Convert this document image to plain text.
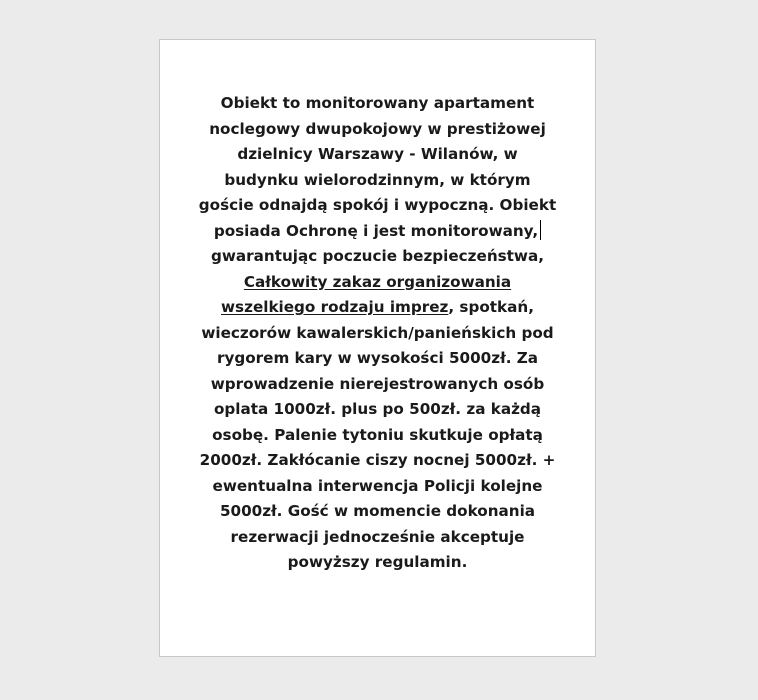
Obiekt to monitorowany apartament
noclegowy dwupokojowy w prestiżowej
dzielnicy Warszawy - Wilanów, w
budynku wielorodzinnym, w którym
goście odnajdą spokój i wypoczną. Obiekt
posiada Ochronę i jest monitorowany,
gwarantując poczucie bezpieczeństwa,
Całkowity zakaz organizowania
wszelkiego rodzaju imprez, spotkań,
wieczorów kawalerskich/panieńskich pod
rygorem kary w wysokości 5000zł. Za
wprowadzenie nierejestrowanych osób
oplata 1000zł. plus po 500zł. za każdą
osobę. Palenie tytoniu skutkuje opłatą
2000zł. Zakłócanie ciszy nocnej 5000zł. +
ewentualna interwencja Policji kolejne
5000zł. Gość w momencie dokonania
rezerwacji jednocześnie akceptuje
powyższy regulamin.
